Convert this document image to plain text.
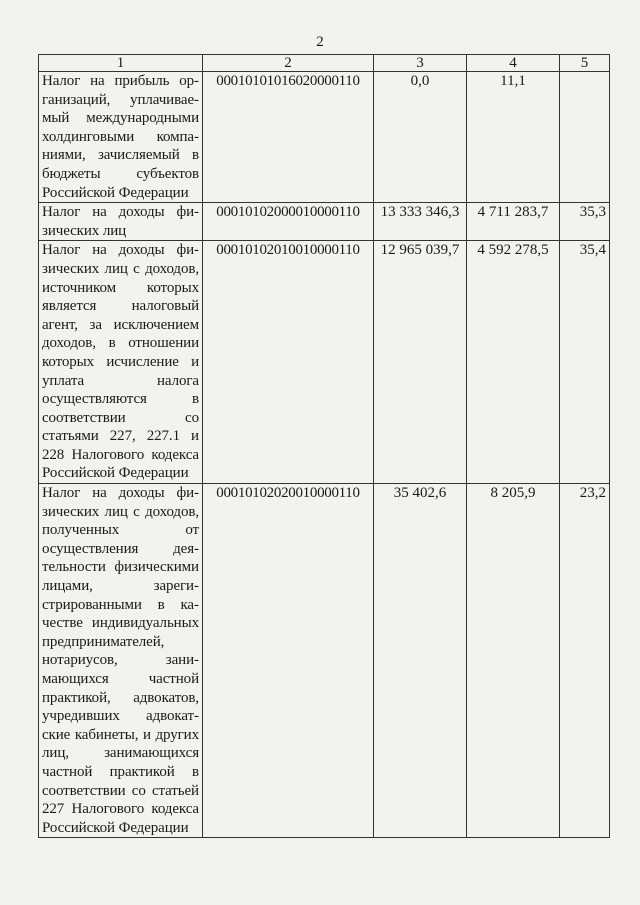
2
1	2	3	4	5
Налог на прибыль организаций, уплачиваемый международными холдинговыми компаниями, зачисляемый в бюджеты субъектов Российской Федерации	00010101016020000110	0,0	11,1	
Налог на доходы физических лиц	00010102000010000110	13 333 346,3	4 711 283,7	35,3
Налог на доходы физических лиц с доходов, источником которых является налоговый агент, за исключением доходов, в отношении которых исчисление и уплата налога осуществляются в соответствии со статьями 227, 227.1 и 228 Налогового кодекса Российской Федерации	00010102010010000110	12 965 039,7	4 592 278,5	35,4
Налог на доходы физических лиц с доходов, полученных от осуществления деятельности физическими лицами, зарегистрированными в качестве индивидуальных предпринимателей, нотариусов, занимающихся частной практикой, адвокатов, учредивших адвокатские кабинеты, и других лиц, занимающихся частной практикой в соответствии со статьей 227 Налогового кодекса Российской Федерации	00010102020010000110	35 402,6	8 205,9	23,2
